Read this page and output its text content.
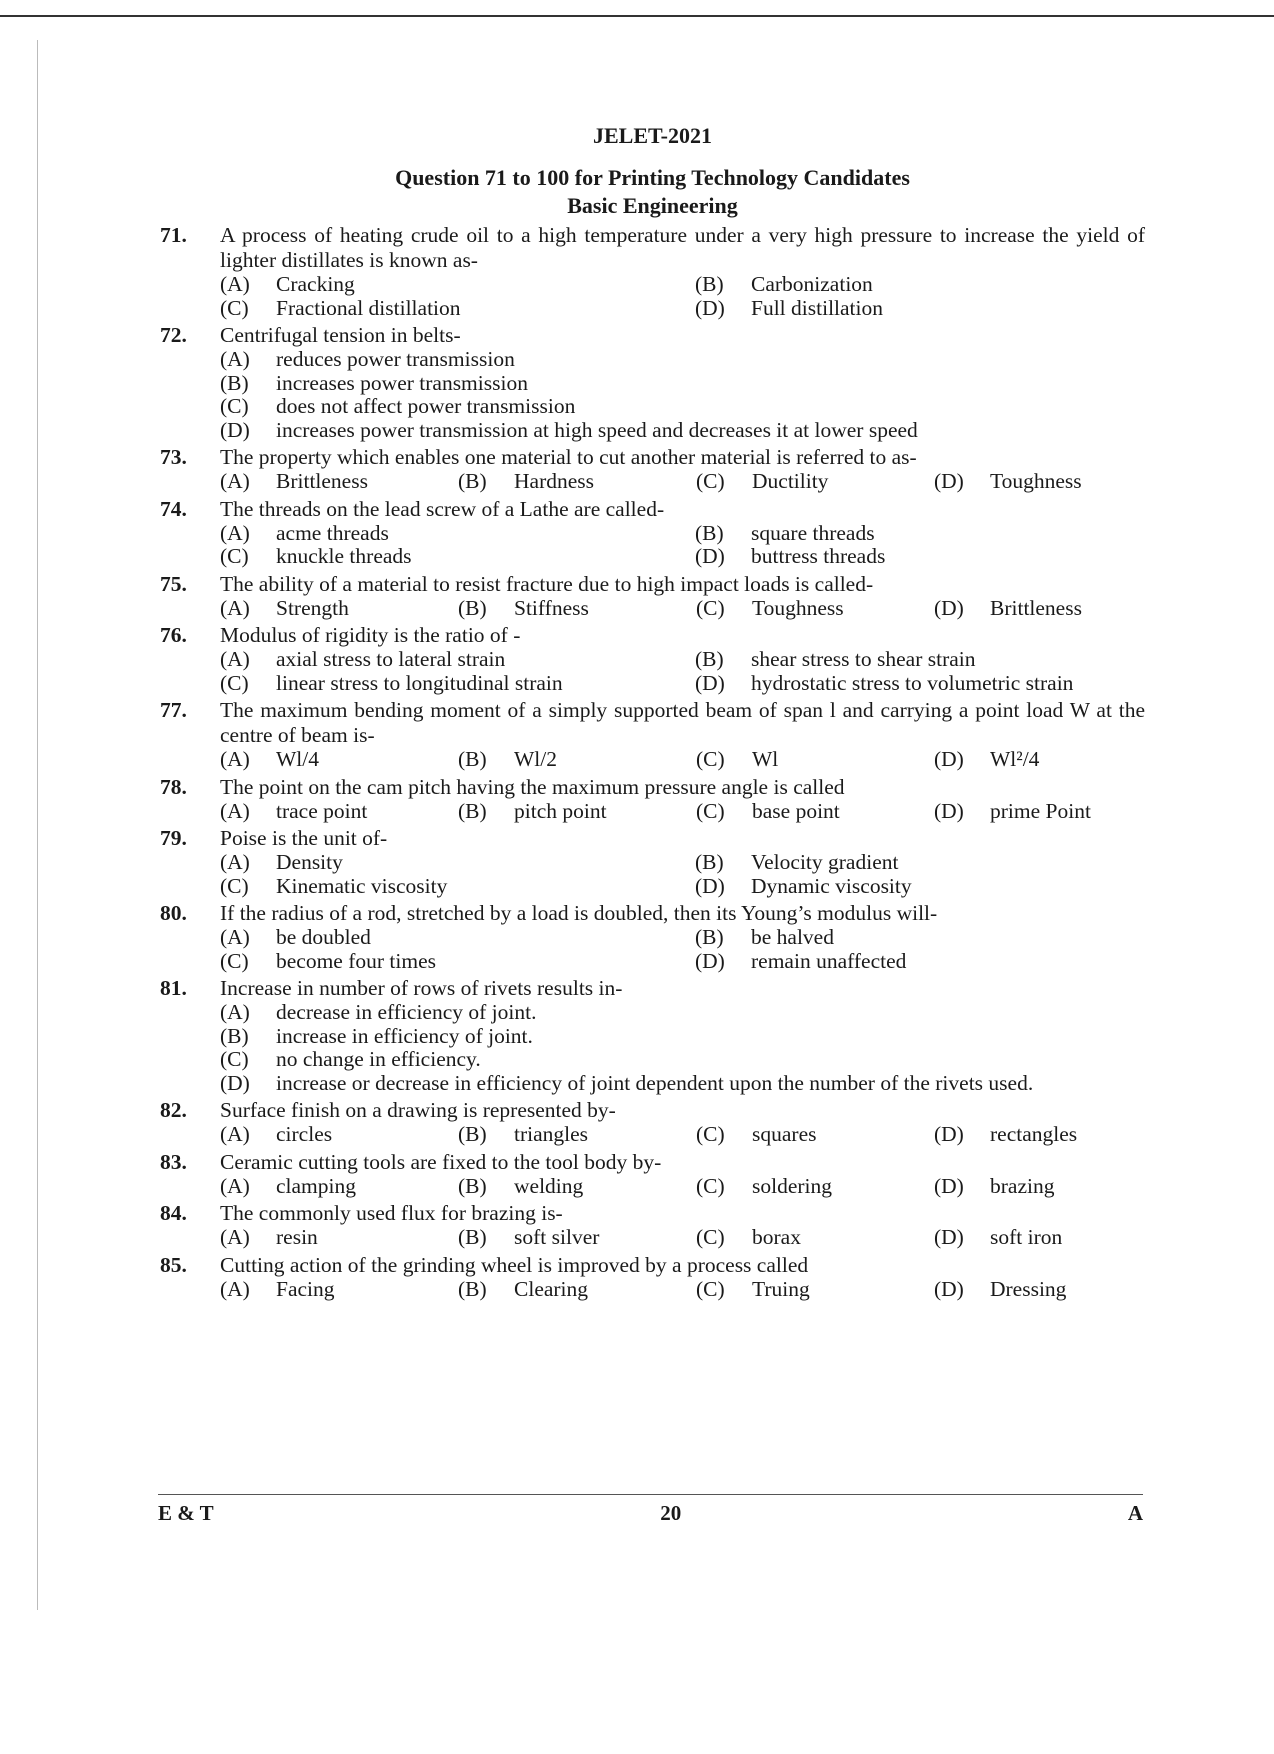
JELET-2021
Question 71 to 100 for Printing Technology Candidates
Basic Engineering
71.	A process of heating crude oil to a high temperature under a very high pressure to increase the yield of lighter distillates is known as-
(A)	Cracking	(B)	Carbonization
(C)	Fractional distillation	(D)	Full distillation
72.	Centrifugal tension in belts-
(A)	reduces power transmission
(B)	increases power transmission
(C)	does not affect power transmission
(D)	increases power transmission at high speed and decreases it at lower speed
73.	The property which enables one material to cut another material is referred to as-
(A)	Brittleness	(B)	Hardness	(C)	Ductility	(D)	Toughness
74.	The threads on the lead screw of a Lathe are called-
(A)	acme threads	(B)	square threads
(C)	knuckle threads	(D)	buttress threads
75.	The ability of a material to resist fracture due to high impact loads is called-
(A)	Strength	(B)	Stiffness	(C)	Toughness	(D)	Brittleness
76.	Modulus of rigidity is the ratio of -
(A)	axial stress to lateral strain	(B)	shear stress to shear strain
(C)	linear stress to longitudinal strain	(D)	hydrostatic stress to volumetric strain
77.	The maximum bending moment of a simply supported beam of span l and carrying a point load W at the centre of beam is-
(A)	Wl/4	(B)	Wl/2	(C)	Wl	(D)	Wl²/4
78.	The point on the cam pitch having the maximum pressure angle is called
(A)	trace point	(B)	pitch point	(C)	base point	(D)	prime Point
79.	Poise is the unit of-
(A)	Density	(B)	Velocity gradient
(C)	Kinematic viscosity	(D)	Dynamic viscosity
80.	If the radius of a rod, stretched by a load is doubled, then its Young’s modulus will-
(A)	be doubled	(B)	be halved
(C)	become four times	(D)	remain unaffected
81.	Increase in number of rows of rivets results in-
(A)	decrease in efficiency of joint.
(B)	increase in efficiency of joint.
(C)	no change in efficiency.
(D)	increase or decrease in efficiency of joint dependent upon the number of the rivets used.
82.	Surface finish on a drawing is represented by-
(A)	circles	(B)	triangles	(C)	squares	(D)	rectangles
83.	Ceramic cutting tools are fixed to the tool body by-
(A)	clamping	(B)	welding	(C)	soldering	(D)	brazing
84.	The commonly used flux for brazing is-
(A)	resin	(B)	soft silver	(C)	borax	(D)	soft iron
85.	Cutting action of the grinding wheel is improved by a process called
(A)	Facing	(B)	Clearing	(C)	Truing	(D)	Dressing
E & T	20	A
